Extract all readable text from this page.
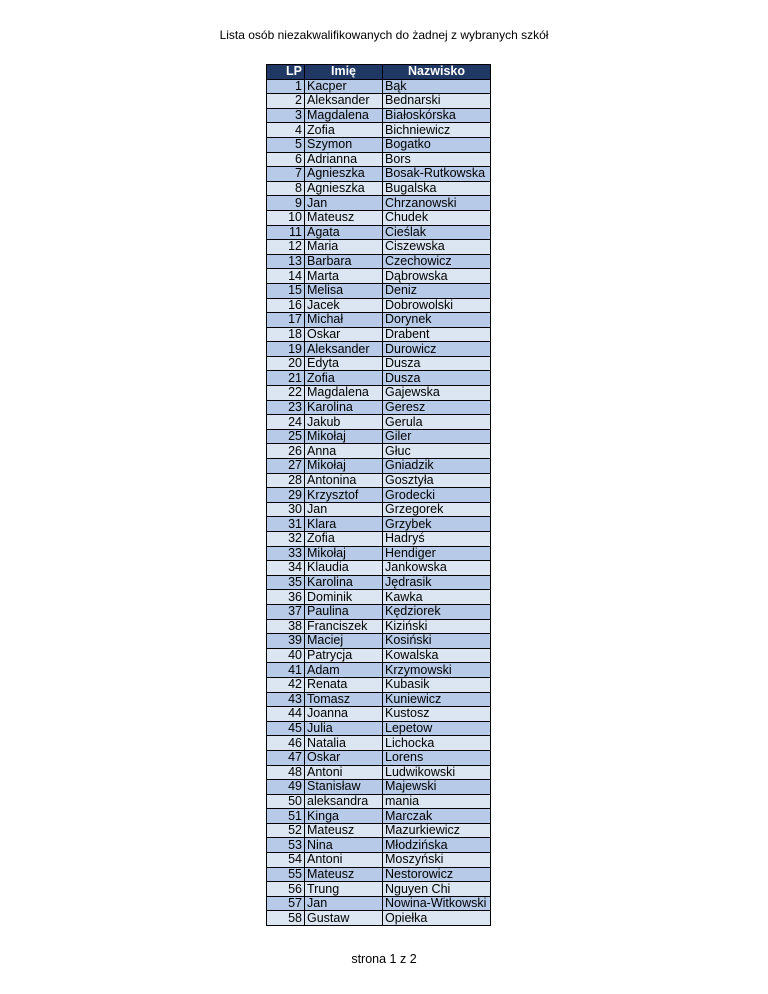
Lista osób niezakwalifikowanych do żadnej z wybranych szkół
LP	Imię	Nazwisko
1	Kacper	Bąk
2	Aleksander	Bednarski
3	Magdalena	Białoskórska
4	Zofia	Bichniewicz
5	Szymon	Bogatko
6	Adrianna	Bors
7	Agnieszka	Bosak-Rutkowska
8	Agnieszka	Bugalska
9	Jan	Chrzanowski
10	Mateusz	Chudek
11	Agata	Cieślak
12	Maria	Ciszewska
13	Barbara	Czechowicz
14	Marta	Dąbrowska
15	Melisa	Deniz
16	Jacek	Dobrowolski
17	Michał	Dorynek
18	Oskar	Drabent
19	Aleksander	Durowicz
20	Edyta	Dusza
21	Zofia	Dusza
22	Magdalena	Gajewska
23	Karolina	Geresz
24	Jakub	Gerula
25	Mikołaj	Giler
26	Anna	Głuc
27	Mikołaj	Gniadzik
28	Antonina	Gosztyła
29	Krzysztof	Grodecki
30	Jan	Grzegorek
31	Klara	Grzybek
32	Zofia	Hadryś
33	Mikołaj	Hendiger
34	Klaudia	Jankowska
35	Karolina	Jędrasik
36	Dominik	Kawka
37	Paulina	Kędziorek
38	Franciszek	Kiziński
39	Maciej	Kosiński
40	Patrycja	Kowalska
41	Adam	Krzymowski
42	Renata	Kubasik
43	Tomasz	Kuniewicz
44	Joanna	Kustosz
45	Julia	Lepetow
46	Natalia	Lichocka
47	Oskar	Lorens
48	Antoni	Ludwikowski
49	Stanisław	Majewski
50	aleksandra	mania
51	Kinga	Marczak
52	Mateusz	Mazurkiewicz
53	Nina	Młodzińska
54	Antoni	Moszyński
55	Mateusz	Nestorowicz
56	Trung	Nguyen Chi
57	Jan	Nowina-Witkowski
58	Gustaw	Opiełka
strona 1 z 2
